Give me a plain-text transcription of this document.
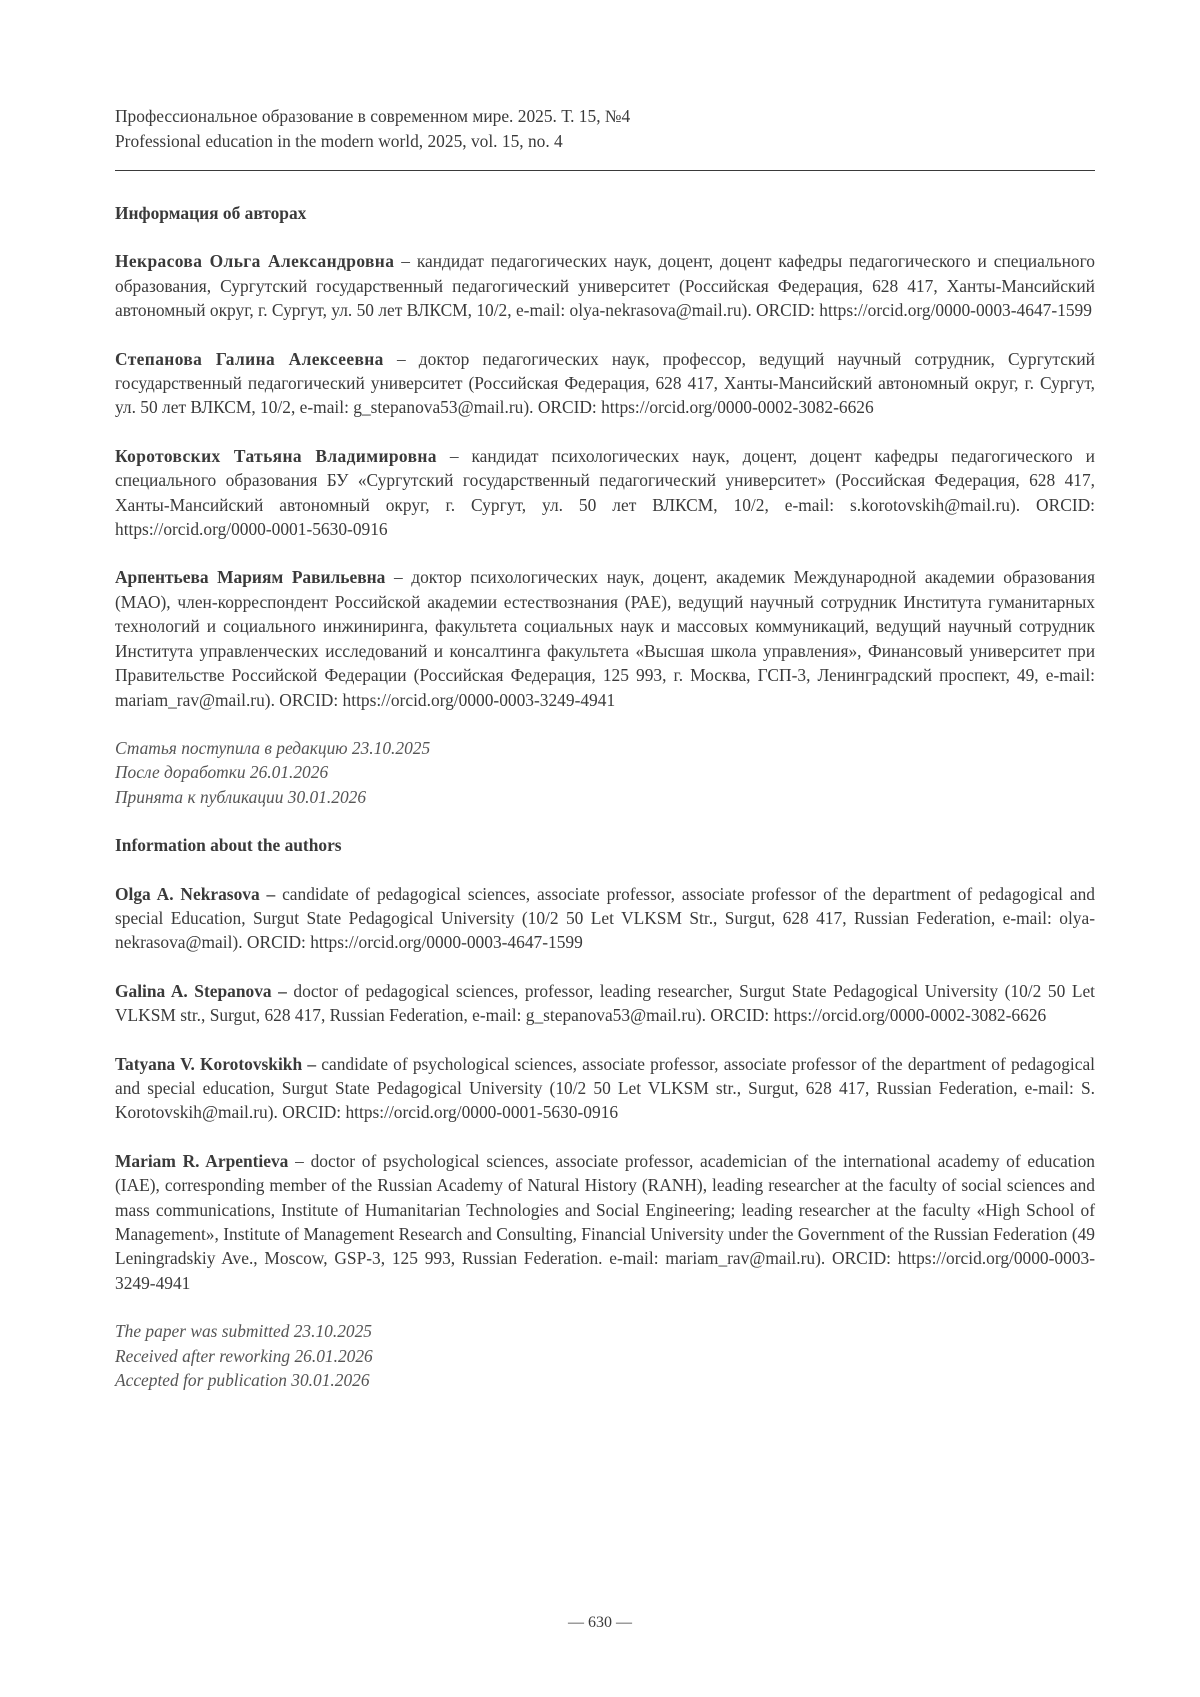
Профессиональное образование в современном мире. 2025. Т. 15, №4
Professional education in the modern world, 2025, vol. 15, no. 4
Информация об авторах

Некрасова Ольга Александровна – кандидат педагогических наук, доцент, доцент кафедры педагогического и специального образования, Сургутский государственный педагогический университет (Российская Федерация, 628 417, Ханты-Мансийский автономный округ, г. Сургут, ул. 50 лет ВЛКСМ, 10/2, e-mail: olya-nekrasova@mail.ru). ORCID: https://orcid.org/0000-0003-4647-1599

Степанова Галина Алексеевна – доктор педагогических наук, профессор, ведущий научный сотрудник, Сургутский государственный педагогический университет (Российская Федерация, 628 417, Ханты-Мансийский автономный округ, г. Сургут, ул. 50 лет ВЛКСМ, 10/2, e-mail: g_stepanova53@mail.ru). ORCID: https://orcid.org/0000-0002-3082-6626

Коротовских Татьяна Владимировна – кандидат психологических наук, доцент, доцент кафедры педагогического и специального образования БУ «Сургутский государственный педагогический университет» (Российская Федерация, 628 417, Ханты-Мансийский автономный округ, г. Сургут, ул. 50 лет ВЛКСМ, 10/2, e-mail: s.korotovskih@mail.ru). ORCID: https://orcid.org/0000-0001-5630-0916

Арпентьева Мариям Равильевна – доктор психологических наук, доцент, академик Международной академии образования (МАО), член-корреспондент Российской академии естествознания (РАЕ), ведущий научный сотрудник Института гуманитарных технологий и социального инжиниринга, факультета социальных наук и массовых коммуникаций, ведущий научный сотрудник Института управленческих исследований и консалтинга факультета «Высшая школа управления», Финансовый университет при Правительстве Российской Федерации (Российская Федерация, 125 993, г. Москва, ГСП-3, Ленинградский проспект, 49, e-mail: mariam_rav@mail.ru). ORCID: https://orcid.org/0000-0003-3249-4941

Статья поступила в редакцию 23.10.2025
После доработки 26.01.2026
Принята к публикации 30.01.2026
Information about the authors

Olga A. Nekrasova – candidate of pedagogical sciences, associate professor, associate professor of the department of pedagogical and special Education, Surgut State Pedagogical University (10/2 50 Let VLKSM Str., Surgut, 628 417, Russian Federation, e-mail: olya-nekrasova@mail). ORCID: https://orcid.org/0000-0003-4647-1599

Galina A. Stepanova – doctor of pedagogical sciences, professor, leading researcher, Surgut State Pedagogical University (10/2 50 Let VLKSM str., Surgut, 628 417, Russian Federation, e-mail: g_stepanova53@mail.ru). ORCID: https://orcid.org/0000-0002-3082-6626

Tatyana V. Korotovskikh – candidate of psychological sciences, associate professor, associate professor of the department of pedagogical and special education, Surgut State Pedagogical University (10/2 50 Let VLKSM str., Surgut, 628 417, Russian Federation, e-mail: S. Korotovskih@mail.ru). ORCID: https://orcid.org/0000-0001-5630-0916

Mariam R. Arpentieva – doctor of psychological sciences, associate professor, academician of the international academy of education (IAE), corresponding member of the Russian Academy of Natural History (RANH), leading researcher at the faculty of social sciences and mass communications, Institute of Humanitarian Technologies and Social Engineering; leading researcher at the faculty «High School of Management», Institute of Management Research and Consulting, Financial University under the Government of the Russian Federation (49 Leningradskiy Ave., Moscow, GSP-3, 125 993, Russian Federation. e-mail: mariam_rav@mail.ru). ORCID: https://orcid.org/0000-0003-3249-4941

The paper was submitted 23.10.2025
Received after reworking 26.01.2026
Accepted for publication 30.01.2026
— 630 —
